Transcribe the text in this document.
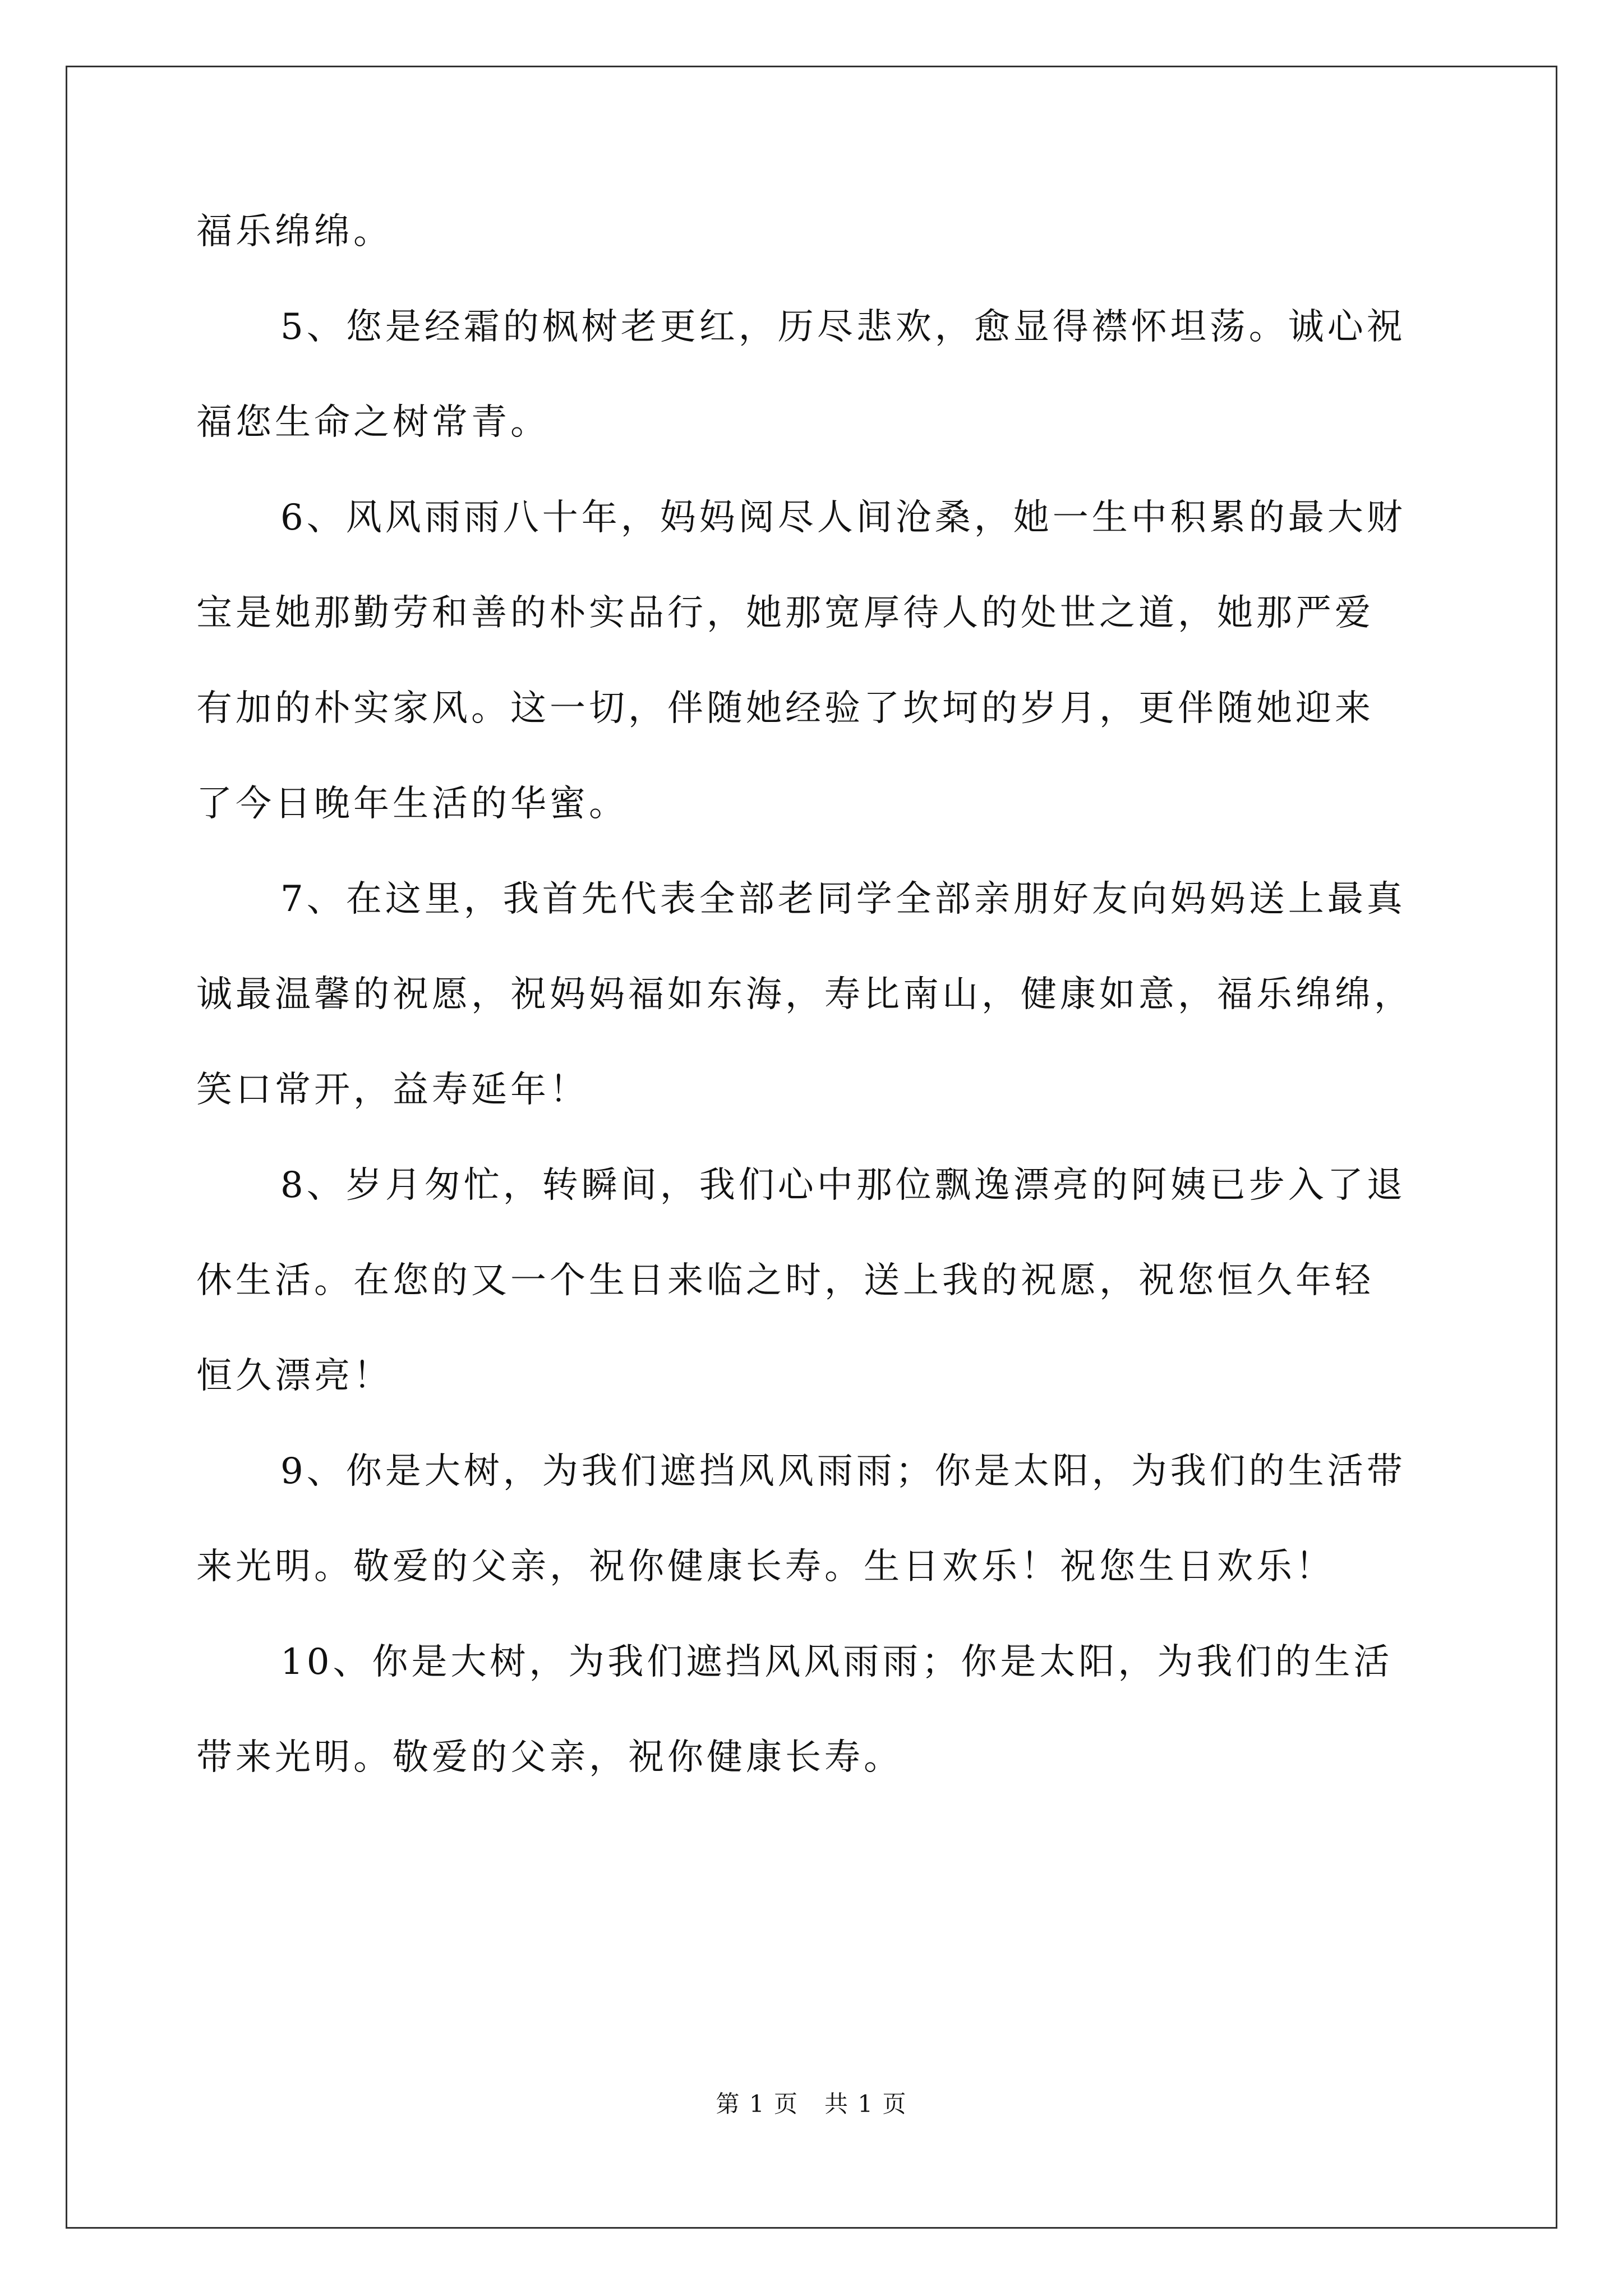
福乐绵绵。
5、您是经霜的枫树老更红，历尽悲欢，愈显得襟怀坦荡。诚心祝
福您生命之树常青。
6、风风雨雨八十年，妈妈阅尽人间沧桑，她一生中积累的最大财
宝是她那勤劳和善的朴实品行，她那宽厚待人的处世之道，她那严爱
有加的朴实家风。这一切，伴随她经验了坎坷的岁月，更伴随她迎来
了今日晚年生活的华蜜。
7、在这里，我首先代表全部老同学全部亲朋好友向妈妈送上最真
诚最温馨的祝愿，祝妈妈福如东海，寿比南山，健康如意，福乐绵绵，
笑口常开，益寿延年！
8、岁月匆忙，转瞬间，我们心中那位飘逸漂亮的阿姨已步入了退
休生活。在您的又一个生日来临之时，送上我的祝愿，祝您恒久年轻
恒久漂亮！
9、你是大树，为我们遮挡风风雨雨；你是太阳，为我们的生活带
来光明。敬爱的父亲，祝你健康长寿。生日欢乐！祝您生日欢乐！
10、你是大树，为我们遮挡风风雨雨；你是太阳，为我们的生活
带来光明。敬爱的父亲，祝你健康长寿。
第 1 页   共 1 页
